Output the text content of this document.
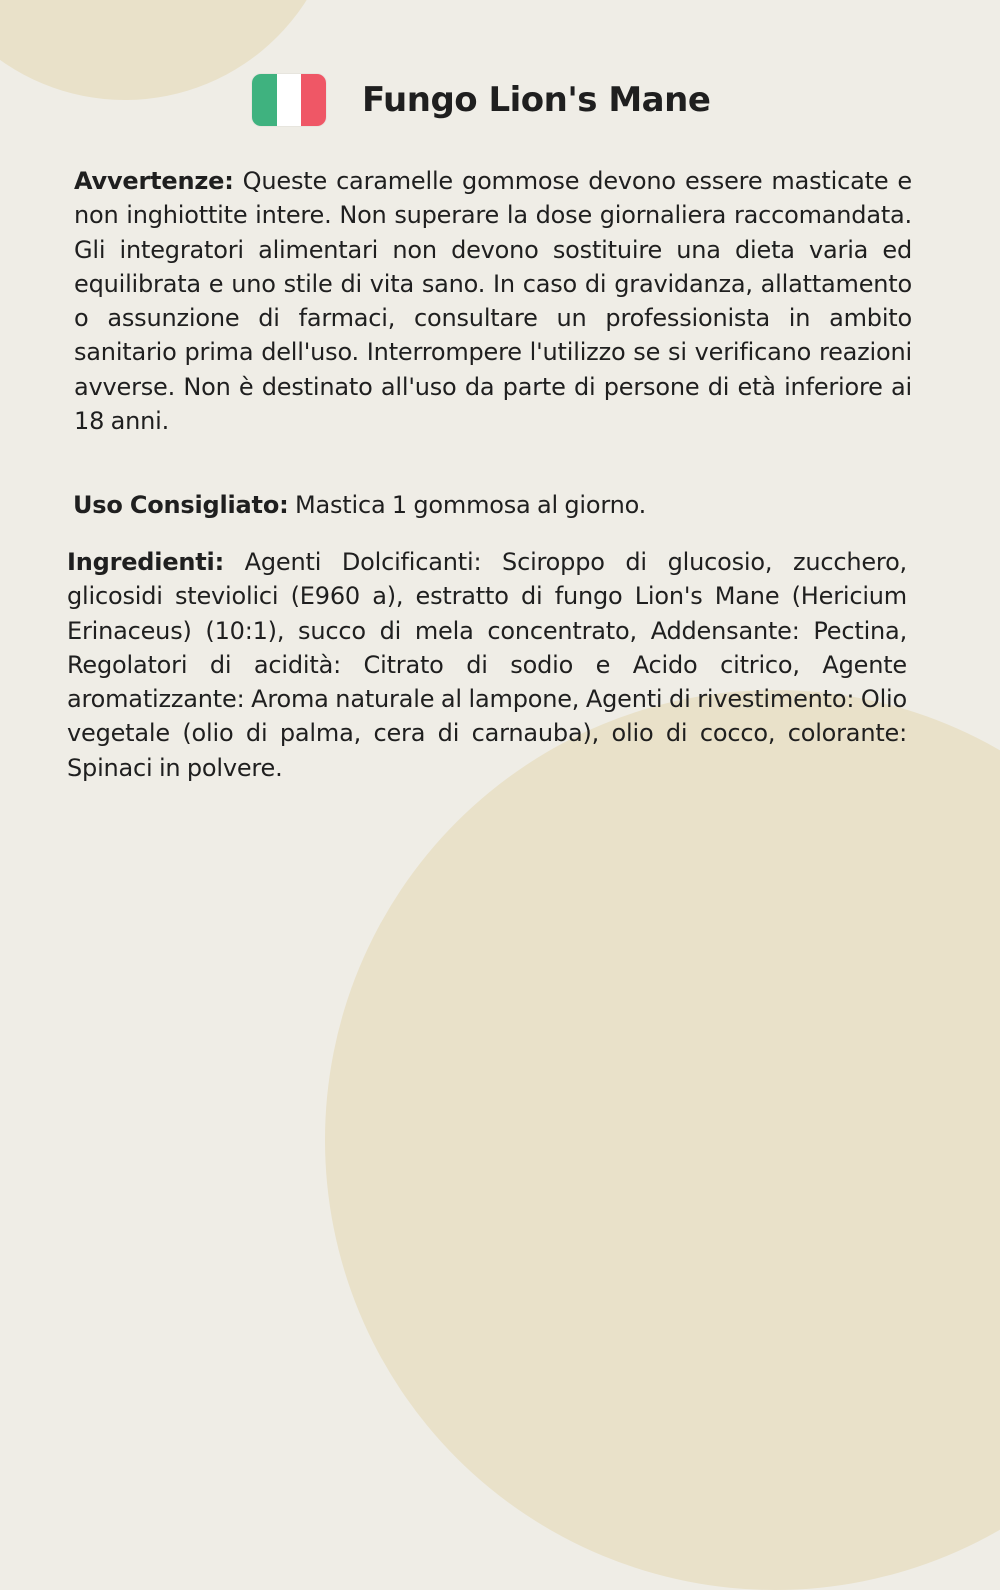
Fungo Lion's Mane
Avvertenze: Queste caramelle gommose devono essere masticate e non inghiottite intere. Non superare la dose giornaliera raccomandata. Gli integratori alimentari non devono sostituire una dieta varia ed equilibrata e uno stile di vita sano. In caso di gravidanza, allattamento o assunzione di farmaci, consultare un professionista in ambito sanitario prima dell'uso. Interrompere l'utilizzo se si verificano reazioni avverse. Non è destinato all'uso da parte di persone di età inferiore ai 18 anni.
Uso Consigliato: Mastica 1 gommosa al giorno.
Ingredienti: Agenti Dolcificanti: Sciroppo di glucosio, zucchero, glicosidi steviolici (E960 a), estratto di fungo Lion's Mane (Hericium Erinaceus) (10:1), succo di mela concentrato, Addensante: Pectina, Regolatori di acidità: Citrato di sodio e Acido citrico, Agente aromatizzante: Aroma naturale al lampone, Agenti di rivestimento: Olio vegetale (olio di palma, cera di carnauba), olio di cocco, colorante: Spinaci in polvere.
